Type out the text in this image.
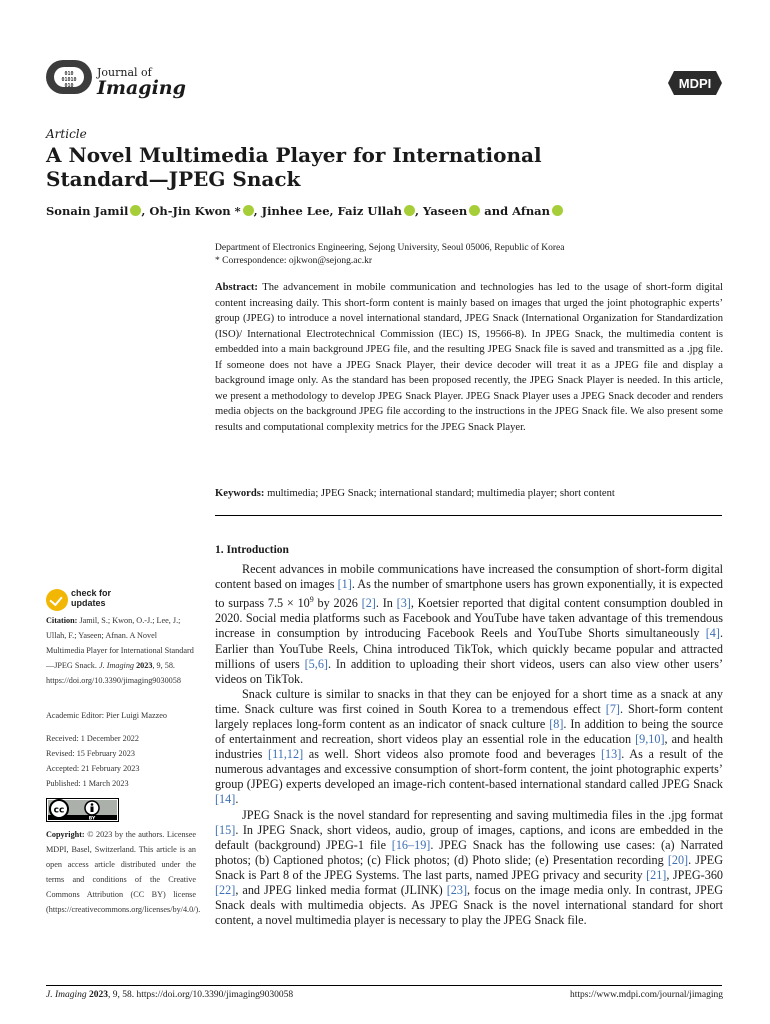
010 01010 010
Journal of
Imaging	MDPI
Article
A Novel Multimedia Player for International
Standard—JPEG Snack
Sonain Jamil , Oh-Jin Kwon * , Jinhee Lee, Faiz Ullah , Yaseen and Afnan
Department of Electronics Engineering, Sejong University, Seoul 05006, Republic of Korea
* Correspondence: ojkwon@sejong.ac.kr
Abstract: The advancement in mobile communication and technologies has led to the usage of short-form digital content increasing daily. This short-form content is mainly based on images that urged the joint photographic experts’ group (JPEG) to introduce a novel international standard, JPEG Snack (International Organization for Standardization (ISO)/ International Electrotechnical Commission (IEC) IS, 19566-8). In JPEG Snack, the multimedia content is embedded into a main background JPEG file, and the resulting JPEG Snack file is saved and transmitted as a .jpg file. If someone does not have a JPEG Snack Player, their device decoder will treat it as a JPEG file and display a background image only. As the standard has been proposed recently, the JPEG Snack Player is needed. In this article, we present a methodology to develop JPEG Snack Player. JPEG Snack Player uses a JPEG Snack decoder and renders media objects on the background JPEG file according to the instructions in the JPEG Snack file. We also present some results and computational complexity metrics for the JPEG Snack Player.
Keywords: multimedia; JPEG Snack; international standard; multimedia player; short content
1. Introduction

Recent advances in mobile communications have increased the consumption of short-form digital content based on images [1]. As the number of smartphone users has grown exponentially, it is expected to surpass $7.5 \times 10^9$ by 2026 [2]. In [3], Koetsier reported that digital content consumption doubled in 2020. Social media platforms such as Facebook and YouTube have taken advantage of this tremendous increase in consumption by introducing Facebook Reels and YouTube Shorts simultaneously [4]. Earlier than YouTube Reels, China introduced TikTok, which quickly became popular and attracted millions of users [5,6]. In addition to uploading their short videos, users can also view other users’ videos on TikTok.

Snack culture is similar to snacks in that they can be enjoyed for a short time as a snack at any time. Snack culture was first coined in South Korea to a tremendous effect [7]. Short-form content largely replaces long-form content as an indicator of snack culture [8]. In addition to being the source of entertainment and recreation, short videos play an essential role in the education [9,10], and health industries [11,12] as well. Short videos also promote food and beverages [13]. As a result of the numerous advantages and excessive consumption of short-form content, the joint photographic experts’ group (JPEG) experts developed an image-rich content-based international standard called JPEG Snack [14].

JPEG Snack is the novel standard for representing and saving multimedia files in the .jpg format [15]. In JPEG Snack, short videos, audio, group of images, captions, and icons are embedded in the default (background) JPEG-1 file [16–19]. JPEG Snack has the following use cases: (a) Narrated photos; (b) Captioned photos; (c) Flick photos; (d) Photo slide; (e) Presentation recording [20]. JPEG Snack is Part 8 of the JPEG Systems. The last parts, named JPEG privacy and security [21], JPEG-360 [22], and JPEG linked media format (JLINK) [23], focus on the image media only. In contrast, JPEG Snack deals with multimedia objects. As JPEG Snack is the novel international standard for short content, a novel multimedia player is necessary to play the JPEG Snack file.

check for
updates
Citation: Jamil, S.; Kwon, O.-J.; Lee, J.; Ullah, F.; Yaseen; Afnan. A Novel Multimedia Player for International Standard—JPEG Snack. J. Imaging 2023, 9, 58. https://doi.org/10.3390/jimaging9030058
Academic Editor: Pier Luigi Mazzeo
Received: 1 December 2022
Revised: 15 February 2023
Accepted: 21 February 2023
Published: 1 March 2023
cc
BY
Copyright: © 2023 by the authors. Licensee MDPI, Basel, Switzerland. This article is an open access article distributed under the terms and conditions of the Creative Commons Attribution (CC BY) license (https://creativecommons.org/licenses/by/4.0/).
J. Imaging 2023, 9, 58. https://doi.org/10.3390/jimaging9030058	https://www.mdpi.com/journal/jimaging
